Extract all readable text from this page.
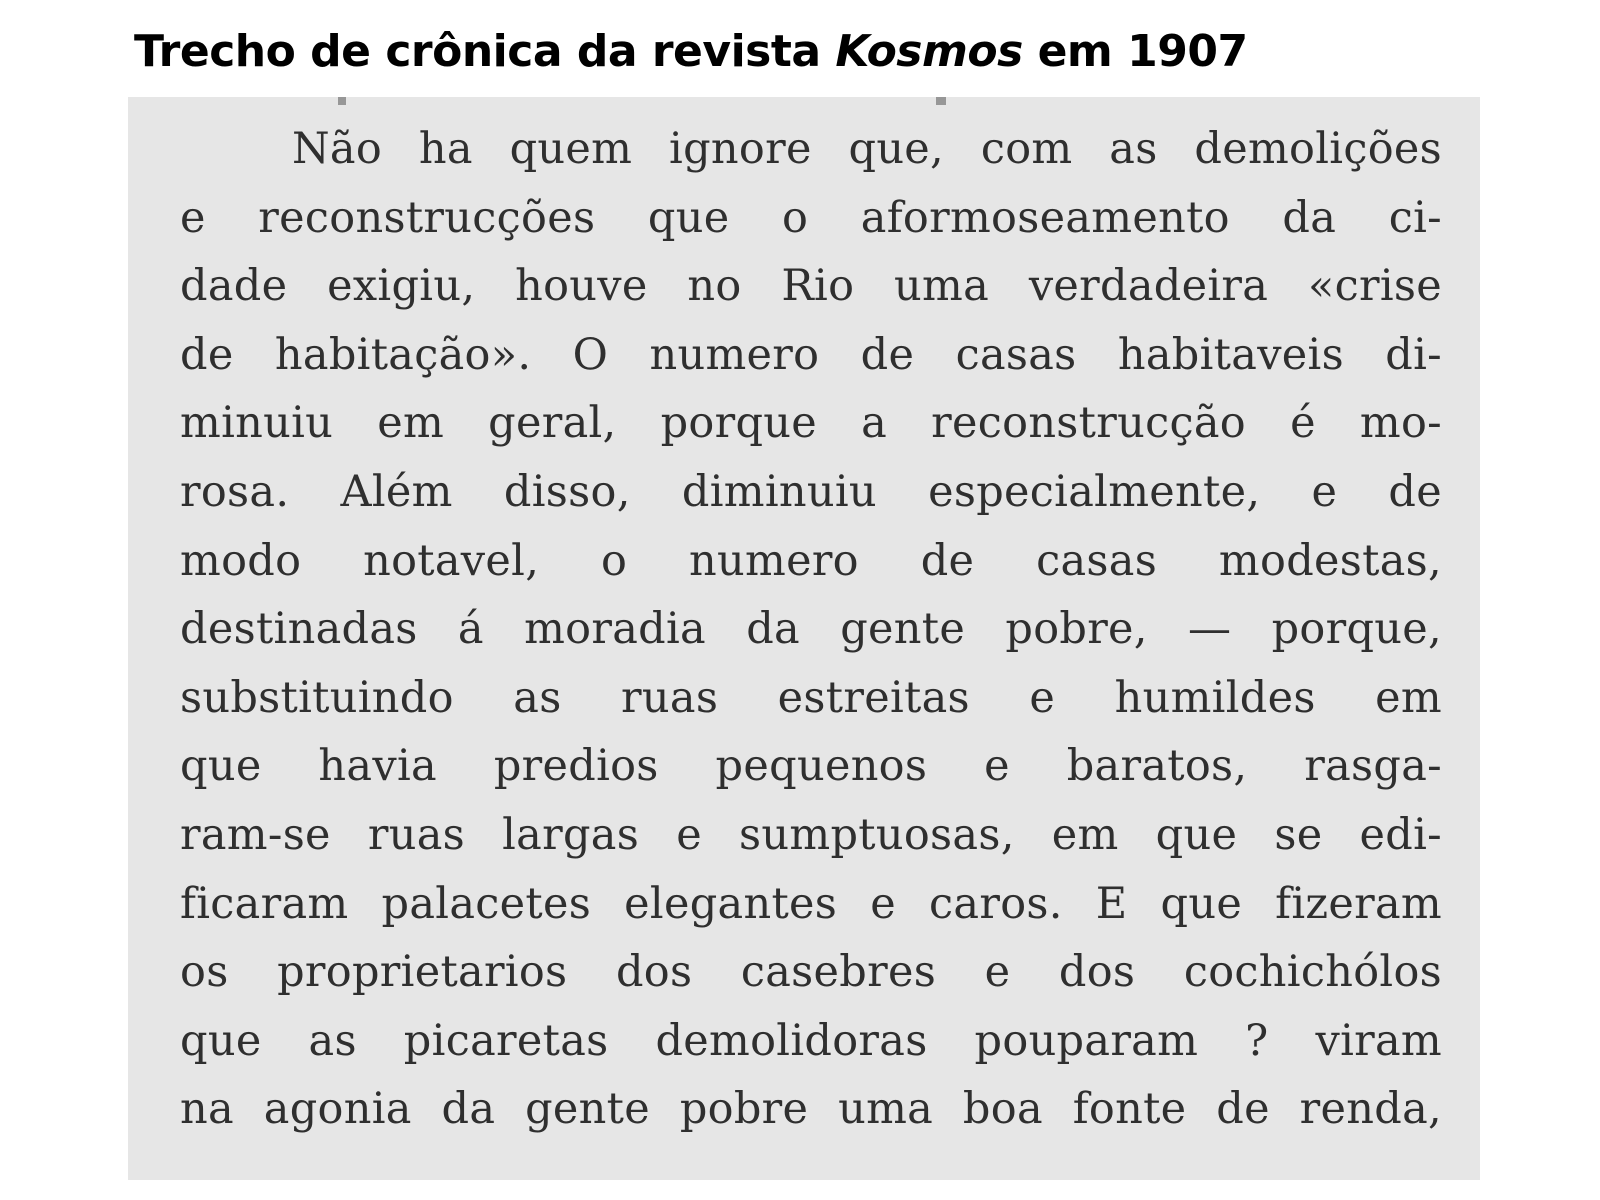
Trecho de crônica da revista Kosmos em 1907
Não ha quem ignore que, com as demolições
e reconstrucções que o aformoseamento da ci-
dade exigiu, houve no Rio uma verdadeira «crise
de habitação». O numero de casas habitaveis di-
minuiu em geral, porque a reconstrucção é mo-
rosa. Além disso, diminuiu especialmente, e de
modo notavel, o numero de casas modestas,
destinadas á moradia da gente pobre, — porque,
substituindo as ruas estreitas e humildes em
que havia predios pequenos e baratos, rasga-
ram-se ruas largas e sumptuosas, em que se edi-
ficaram palacetes elegantes e caros. E que fizeram
os proprietarios dos casebres e dos cochichólos
que as picaretas demolidoras pouparam ? viram
na agonia da gente pobre uma boa fonte de renda,
